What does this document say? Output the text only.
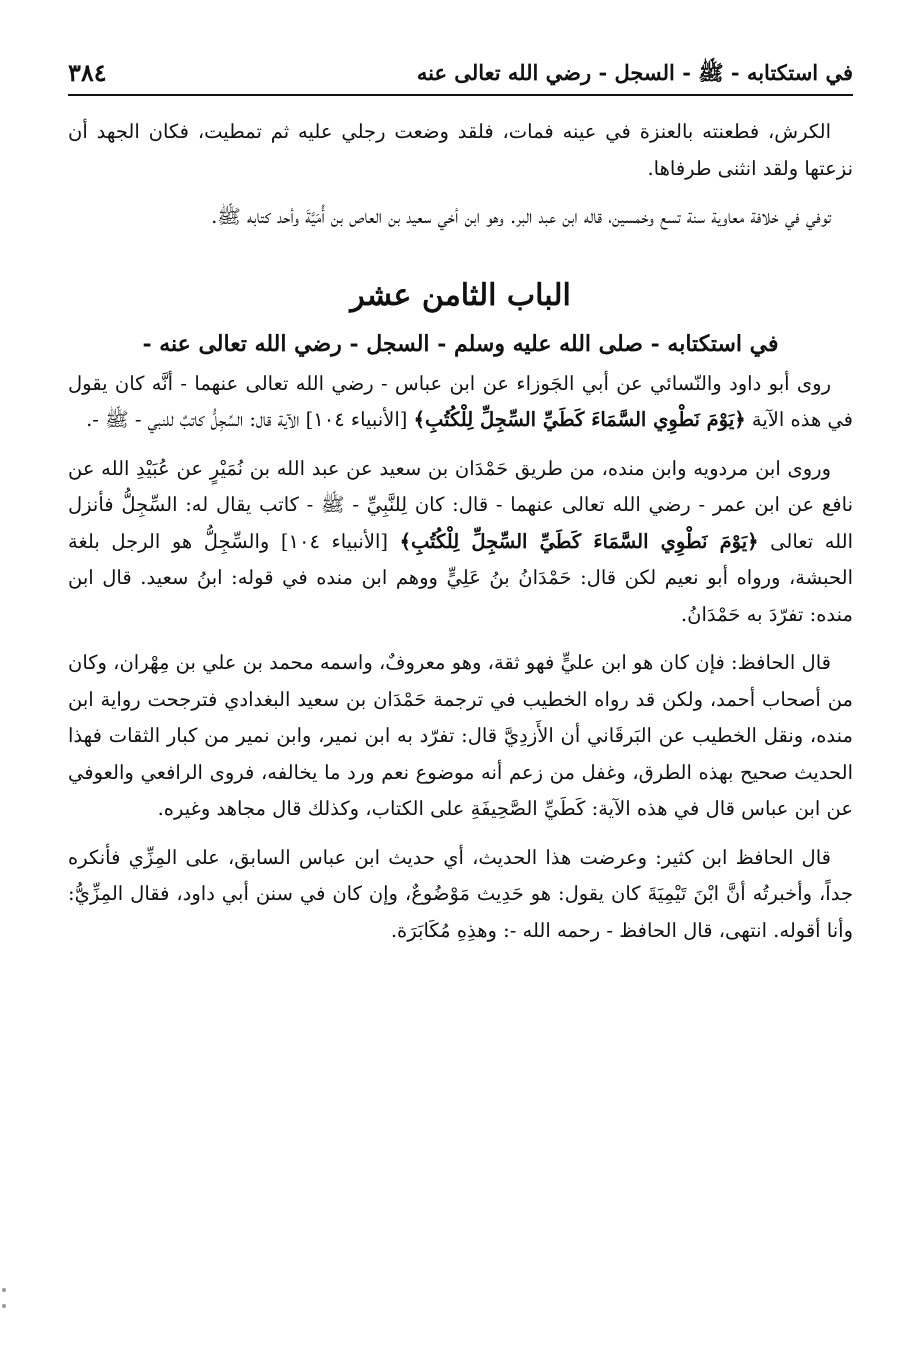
في استكتابه - ﷺ - السجل - رضي الله تعالى عنه
٣٨٤

الكرش، فطعنته بالعنزة في عينه فمات، فلقد وضعت رجلي عليه ثم تمطيت، فكان الجهد أن نزعتها ولقد انثنى طرفاها.

توفي في خلافة معاوية سنة تسع وخمسين، قاله ابن عبد البر. وهو ابن أخي سعيد بن العاص بن أُمَيَّةَ وأحد كتابه ﷺ.

الباب الثامن عشر
في استكتابه - صلى الله عليه وسلم - السجل - رضي الله تعالى عنه -

روى أبو داود والنّسائي عن أبي الجَوزاء عن ابن عباس - رضي الله تعالى عنهما - أنَّه كان يقول في هذه الآية ﴿يَوْمَ نَطْوِي السَّمَاءَ كَطَيِّ السِّجِلِّ لِلْكُتُبِ﴾ [الأنبياء ١٠٤] الآية قال: السِّجِلُّ كاتبٌ للنبي - ﷺ -.

وروى ابن مردويه وابن منده، من طريق حَمْدَان بن سعيد عن عبد الله بن نُمَيْرٍ عن عُبَيْدِ الله عن نافع عن ابن عمر - رضي الله تعالى عنهما - قال: كان لِلنَّبِيِّ - ﷺ - كاتب يقال له: السِّجِلُّ فأنزل الله تعالى ﴿يَوْمَ نَطْوِي السَّمَاءَ كَطَيِّ السِّجِلِّ لِلْكُتُبِ﴾ [الأنبياء ١٠٤] والسِّجِلُّ هو الرجل بلغة الحبشة، ورواه أبو نعيم لكن قال: حَمْدَانُ بنُ عَلِيٍّ ووهم ابن منده في قوله: ابنُ سعيد. قال ابن منده: تفرّدَ به حَمْدَانُ.

قال الحافظ: فإن كان هو ابن عليٍّ فهو ثقة، وهو معروفٌ، واسمه محمد بن علي بن مِهْران، وكان من أصحاب أحمد، ولكن قد رواه الخطيب في ترجمة حَمْدَان بن سعيد البغدادي فترجحت رواية ابن منده، ونقل الخطيب عن البَرقَاني أن الأَزدِيَّ قال: تفرّد به ابن نمير، وابن نمير من كبار الثقات فهذا الحديث صحيح بهذه الطرق، وغفل من زعم أنه موضوع نعم ورد ما يخالفه، فروى الرافعي والعوفي عن ابن عباس قال في هذه الآية: كَطَيِّ الصَّحِيفَةِ على الكتاب، وكذلك قال مجاهد وغيره.

قال الحافظ ابن كثير: وعرضت هذا الحديث، أي حديث ابن عباس السابق، على المِزِّي فأنكره جداً، وأخبرتُه أنَّ ابْنَ تَيْمِيَةَ كان يقول: هو حَدِيث مَوْضُوعٌ، وإن كان في سنن أبي داود، فقال المِزِّيُّ: وأنا أقوله. انتهى، قال الحافظ - رحمه الله -: وهذِهِ مُكَابَرَة.
